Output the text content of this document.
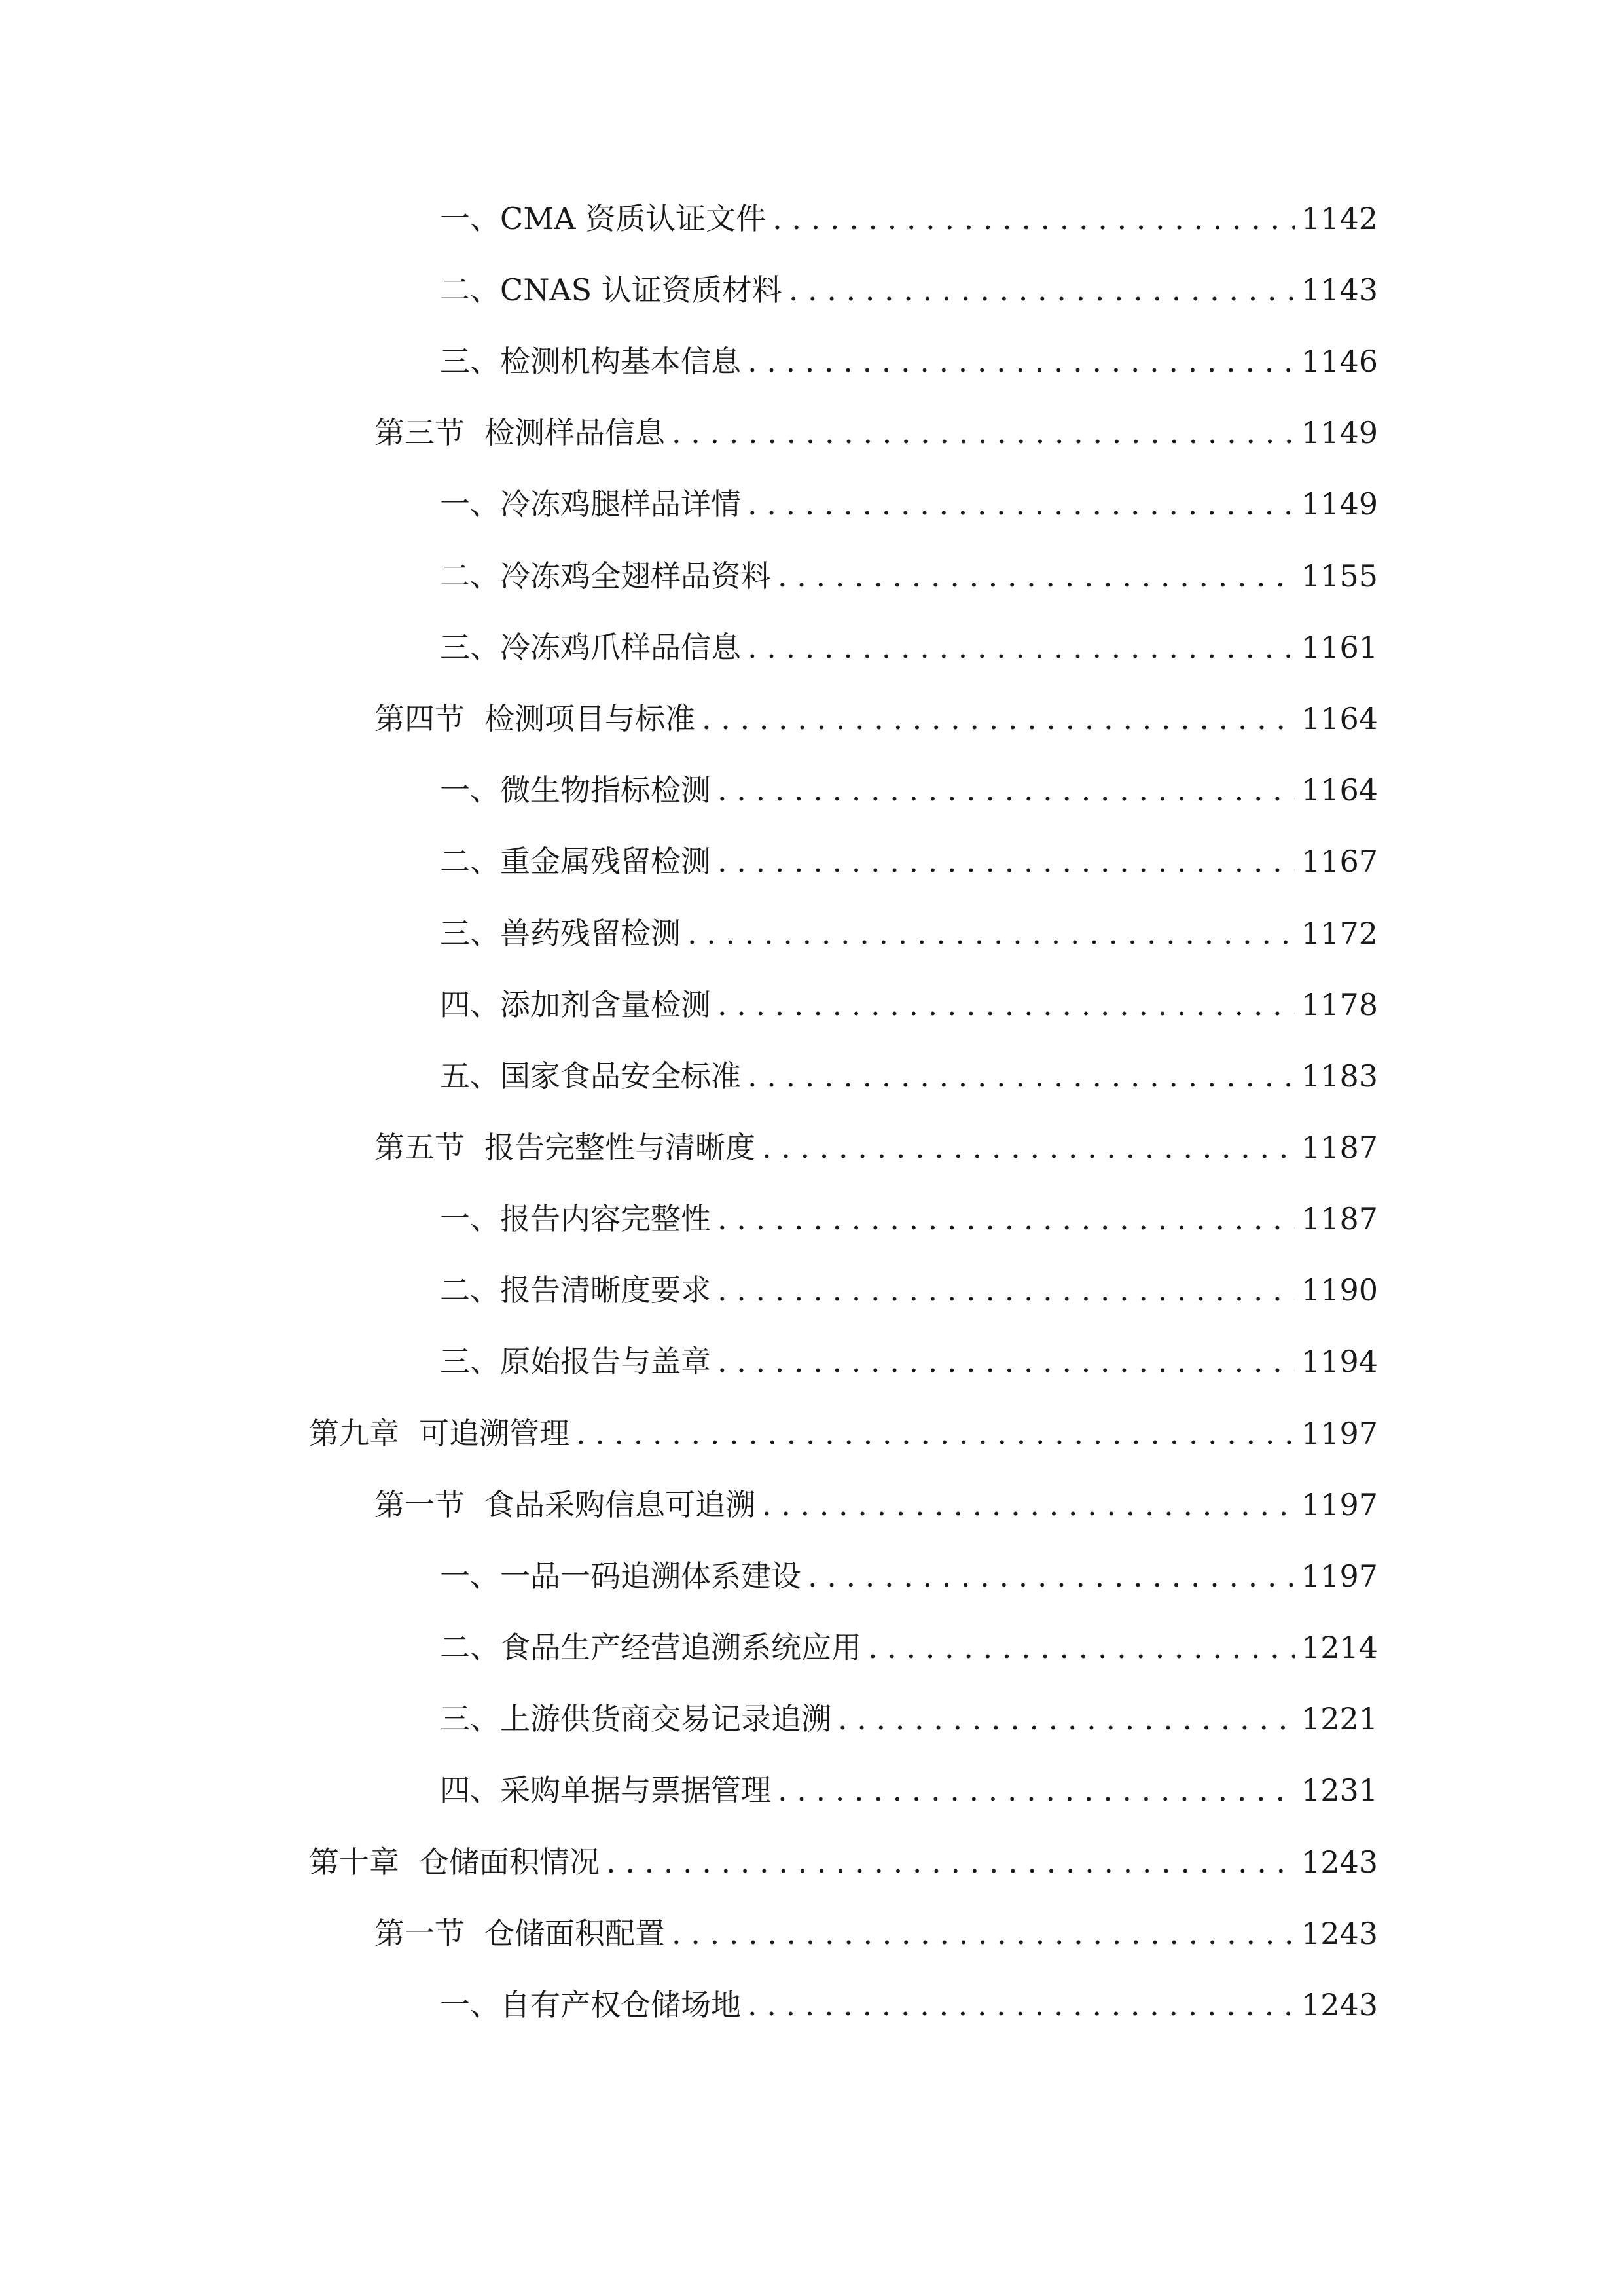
一、 CMA 资质认证文件 . . .	1142
二、 CNAS 认证资质材料 . . .	1143
三、 检测机构基本信息 . . .	1146
第三节 检测样品信息 . . .	1149
一、 冷冻鸡腿样品详情 . . .	1149
二、 冷冻鸡全翅样品资料 . . .	1155
三、 冷冻鸡爪样品信息 . . .	1161
第四节 检测项目与标准 . . .	1164
一、 微生物指标检测 . . .	1164
二、 重金属残留检测 . . .	1167
三、 兽药残留检测 . . .	1172
四、 添加剂含量检测 . . .	1178
五、 国家食品安全标准 . . .	1183
第五节 报告完整性与清晰度 . . .	1187
一、 报告内容完整性 . . .	1187
二、 报告清晰度要求 . . .	1190
三、 原始报告与盖章 . . .	1194
第九章 可追溯管理 . . .	1197
第一节 食品采购信息可追溯 . . .	1197
一、 一品一码追溯体系建设 . . .	1197
二、 食品生产经营追溯系统应用 . . .	1214
三、 上游供货商交易记录追溯 . . .	1221
四、 采购单据与票据管理 . . .	1231
第十章 仓储面积情况 . . .	1243
第一节 仓储面积配置 . . .	1243
一、 自有产权仓储场地 . . .	1243
